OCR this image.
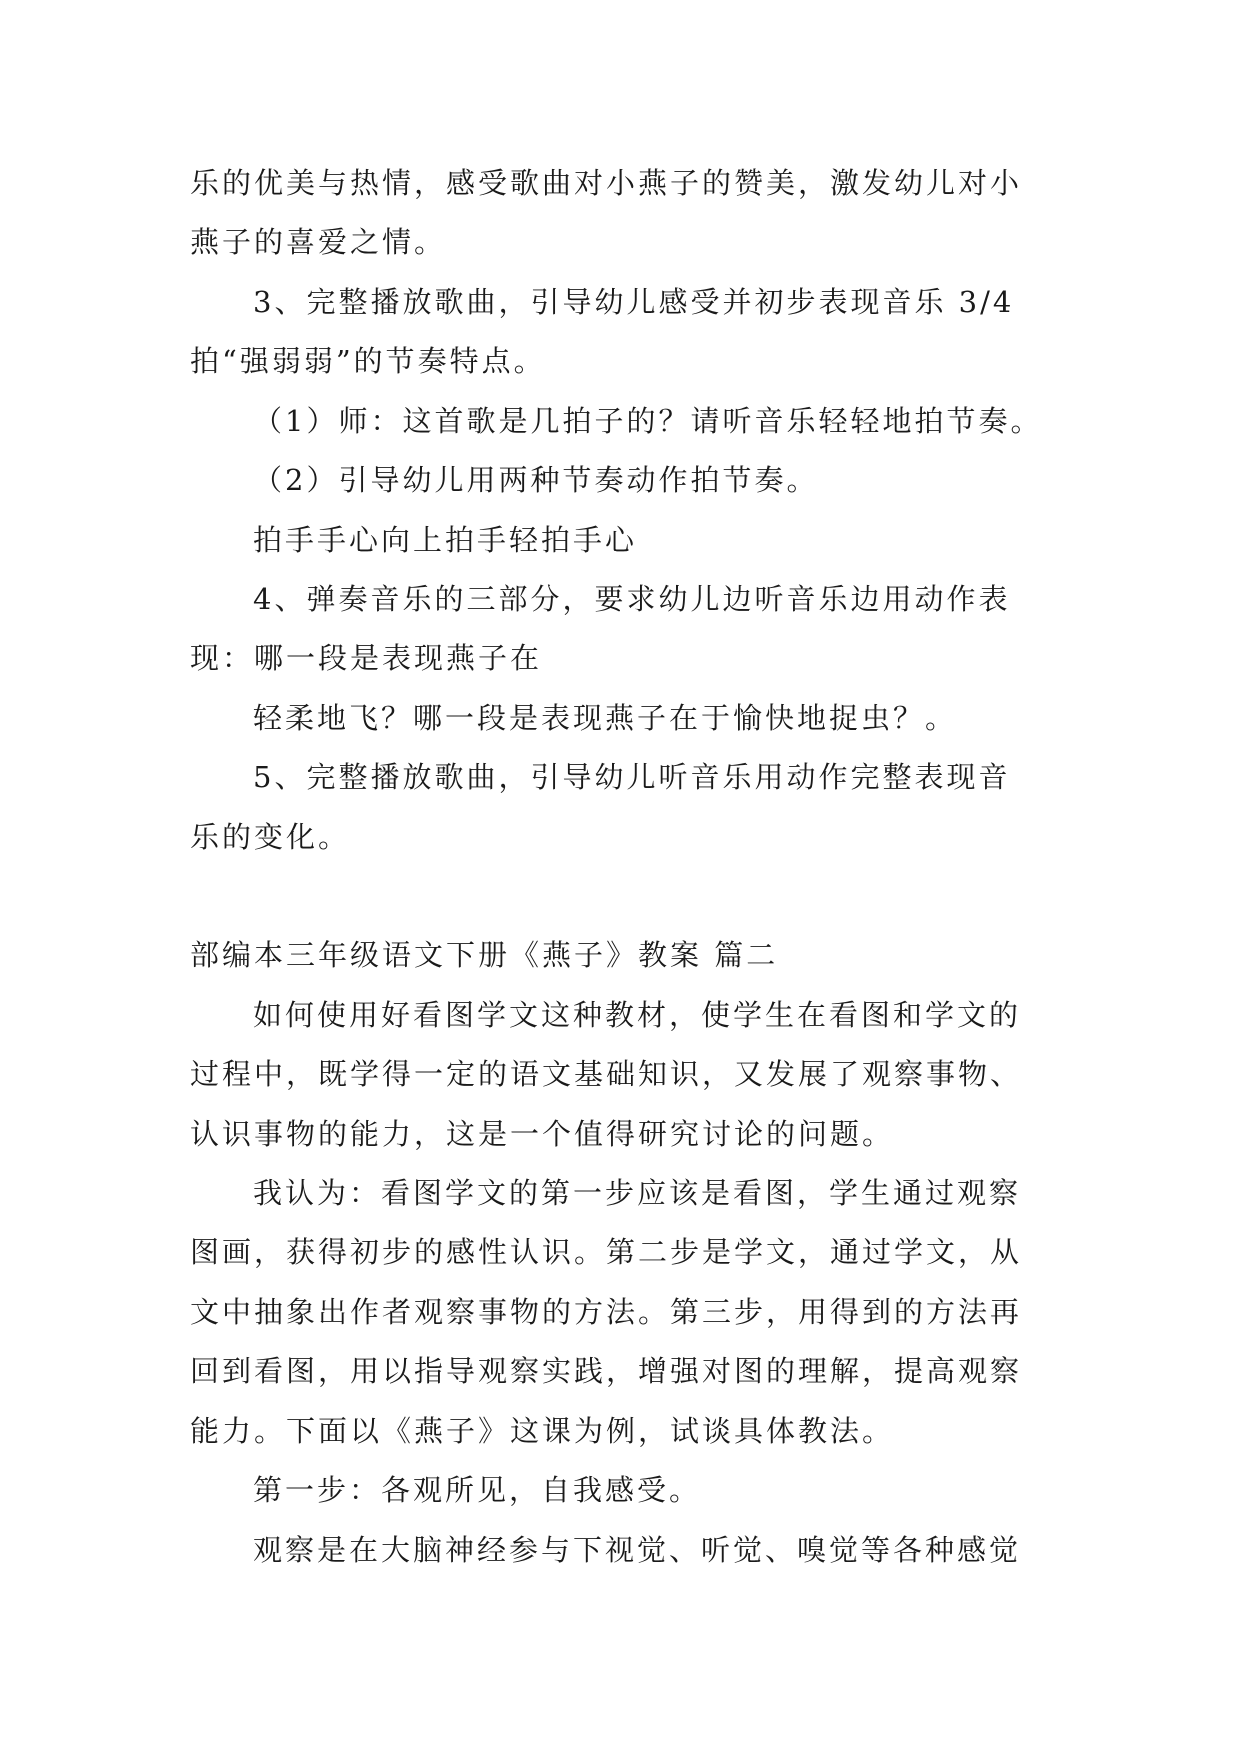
乐的优美与热情，感受歌曲对小燕子的赞美，激发幼儿对小
燕子的喜爱之情。
3、完整播放歌曲，引导幼儿感受并初步表现音乐 3/4
拍“强弱弱”的节奏特点。
（1）师：这首歌是几拍子的？请听音乐轻轻地拍节奏。
（2）引导幼儿用两种节奏动作拍节奏。
拍手手心向上拍手轻拍手心
4、弹奏音乐的三部分，要求幼儿边听音乐边用动作表
现：哪一段是表现燕子在
轻柔地飞？哪一段是表现燕子在于愉快地捉虫？。
5、完整播放歌曲，引导幼儿听音乐用动作完整表现音
乐的变化。
部编本三年级语文下册《燕子》教案 篇二
如何使用好看图学文这种教材，使学生在看图和学文的
过程中，既学得一定的语文基础知识，又发展了观察事物、
认识事物的能力，这是一个值得研究讨论的问题。
我认为：看图学文的第一步应该是看图，学生通过观察
图画，获得初步的感性认识。第二步是学文，通过学文，从
文中抽象出作者观察事物的方法。第三步，用得到的方法再
回到看图，用以指导观察实践，增强对图的理解，提高观察
能力。下面以《燕子》这课为例，试谈具体教法。
第一步：各观所见，自我感受。
观察是在大脑神经参与下视觉、听觉、嗅觉等各种感觉
